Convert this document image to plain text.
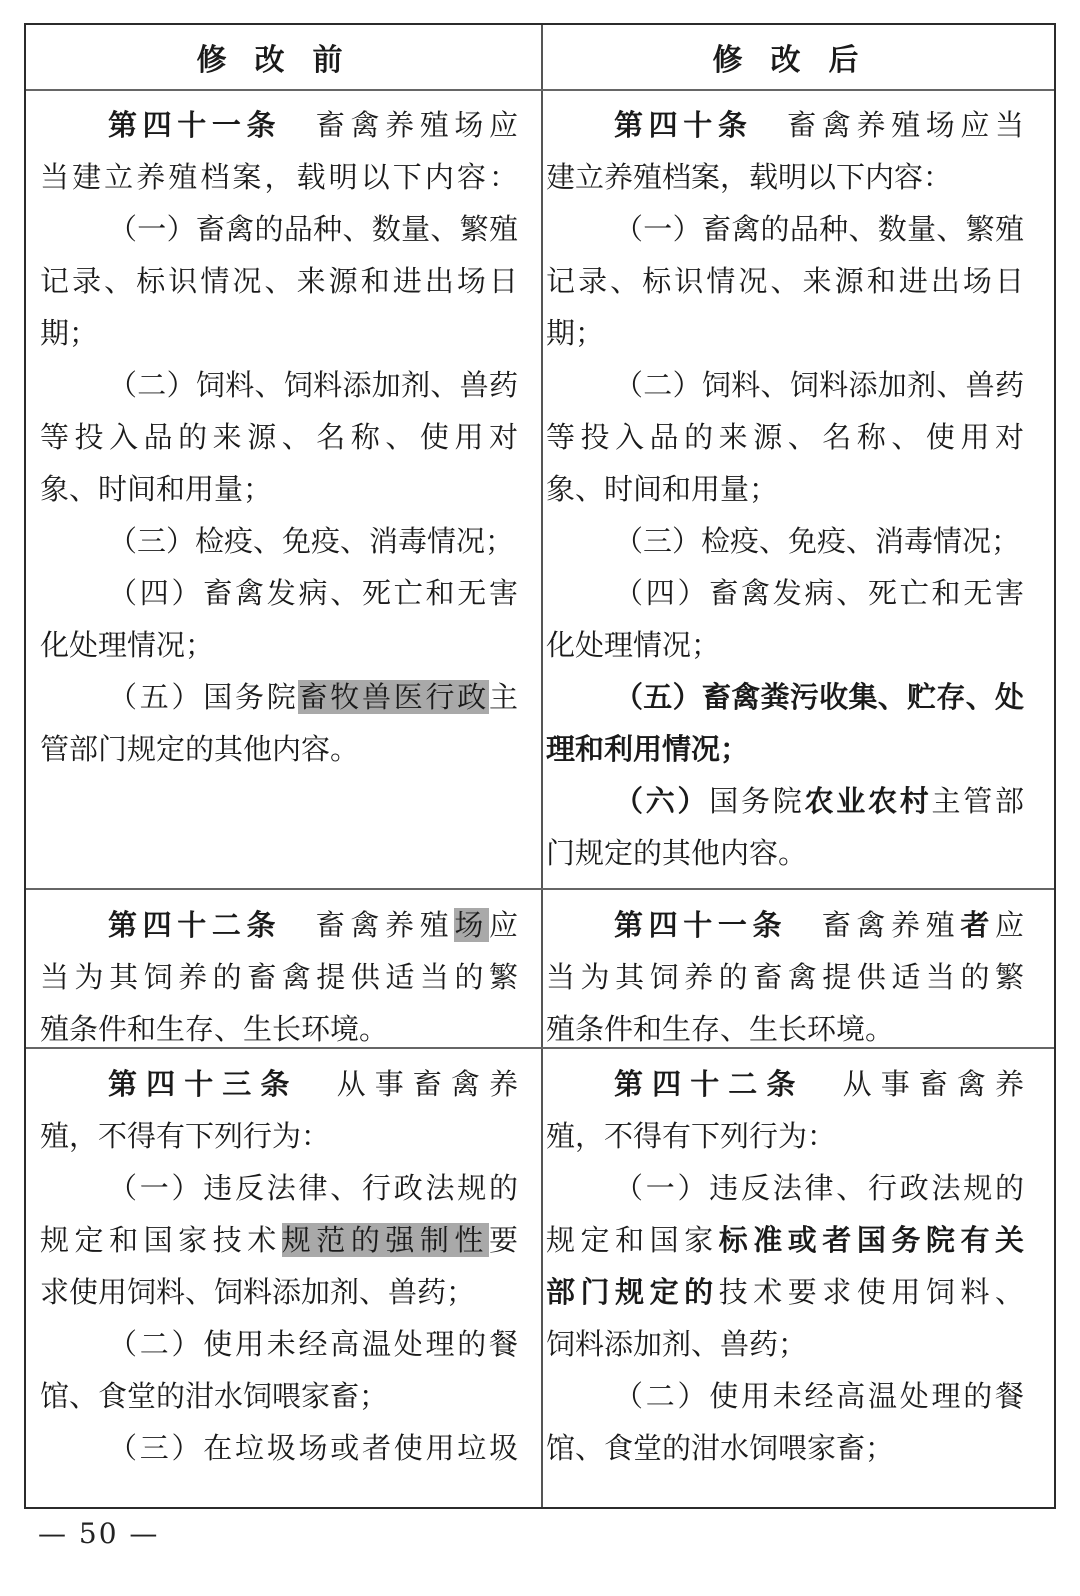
修改前	修改后
第四十一条　畜禽养殖场应
当建立养殖档案，载明以下内容：
（一）畜禽的品种、数量、繁殖
记录、标识情况、来源和进出场日
期；
（二）饲料、饲料添加剂、兽药
等投入品的来源、名称、使用对
象、时间和用量；
（三）检疫、免疫、消毒情况；
（四）畜禽发病、死亡和无害
化处理情况；
（五）国务院畜牧兽医行政主
管部门规定的其他内容。
第四十条　畜禽养殖场应当
建立养殖档案，载明以下内容：
（一）畜禽的品种、数量、繁殖
记录、标识情况、来源和进出场日
期；
（二）饲料、饲料添加剂、兽药
等投入品的来源、名称、使用对
象、时间和用量；
（三）检疫、免疫、消毒情况；
（四）畜禽发病、死亡和无害
化处理情况；
（五）畜禽粪污收集、贮存、处
理和利用情况；
（六）国务院农业农村主管部
门规定的其他内容。
第四十二条　畜禽养殖场应
当为其饲养的畜禽提供适当的繁
殖条件和生存、生长环境。
第四十一条　畜禽养殖者应
当为其饲养的畜禽提供适当的繁
殖条件和生存、生长环境。
第四十三条　从事畜禽养
殖，不得有下列行为：
（一）违反法律、行政法规的
规定和国家技术规范的强制性要
求使用饲料、饲料添加剂、兽药；
（二）使用未经高温处理的餐
馆、食堂的泔水饲喂家畜；
（三）在垃圾场或者使用垃圾
第四十二条　从事畜禽养
殖，不得有下列行为：
（一）违反法律、行政法规的
规定和国家标准或者国务院有关
部门规定的技术要求使用饲料、
饲料添加剂、兽药；
（二）使用未经高温处理的餐
馆、食堂的泔水饲喂家畜；
— 50 —
